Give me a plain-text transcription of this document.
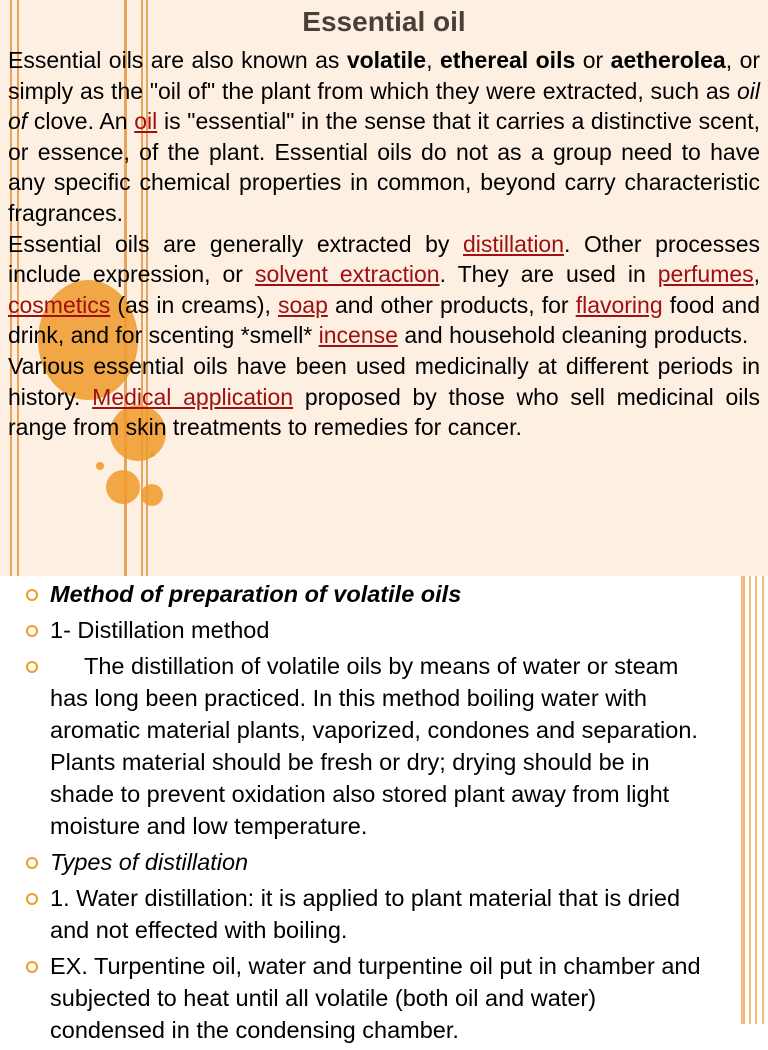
Essential oil

Essential oils are also known as volatile, ethereal oils or aetherolea, or simply as the "oil of" the plant from which they were extracted, such as oil of clove. An oil is "essential" in the sense that it carries a distinctive scent, or essence, of the plant. Essential oils do not as a group need to have any specific chemical properties in common, beyond carry characteristic fragrances.

Essential oils are generally extracted by distillation. Other processes include expression, or solvent extraction. They are used in perfumes, cosmetics (as in creams), soap and other products, for flavoring food and drink, and for scenting *smell* incense and household cleaning products.

Various essential oils have been used medicinally at different periods in history. Medical application proposed by those who sell medicinal oils range from skin treatments to remedies for cancer.

Method of preparation of volatile oils
1- Distillation method
The distillation of volatile oils by means of water or steam has long been practiced. In this method boiling water with aromatic material plants, vaporized, condones and separation. Plants material should be fresh or dry; drying should be in shade to prevent oxidation also stored plant away from light moisture and low temperature.
Types of distillation
1. Water distillation: it is applied to plant material that is dried and not effected with boiling.
EX. Turpentine oil, water and turpentine oil put in chamber and subjected to heat until all volatile (both oil and water) condensed in the condensing chamber.
